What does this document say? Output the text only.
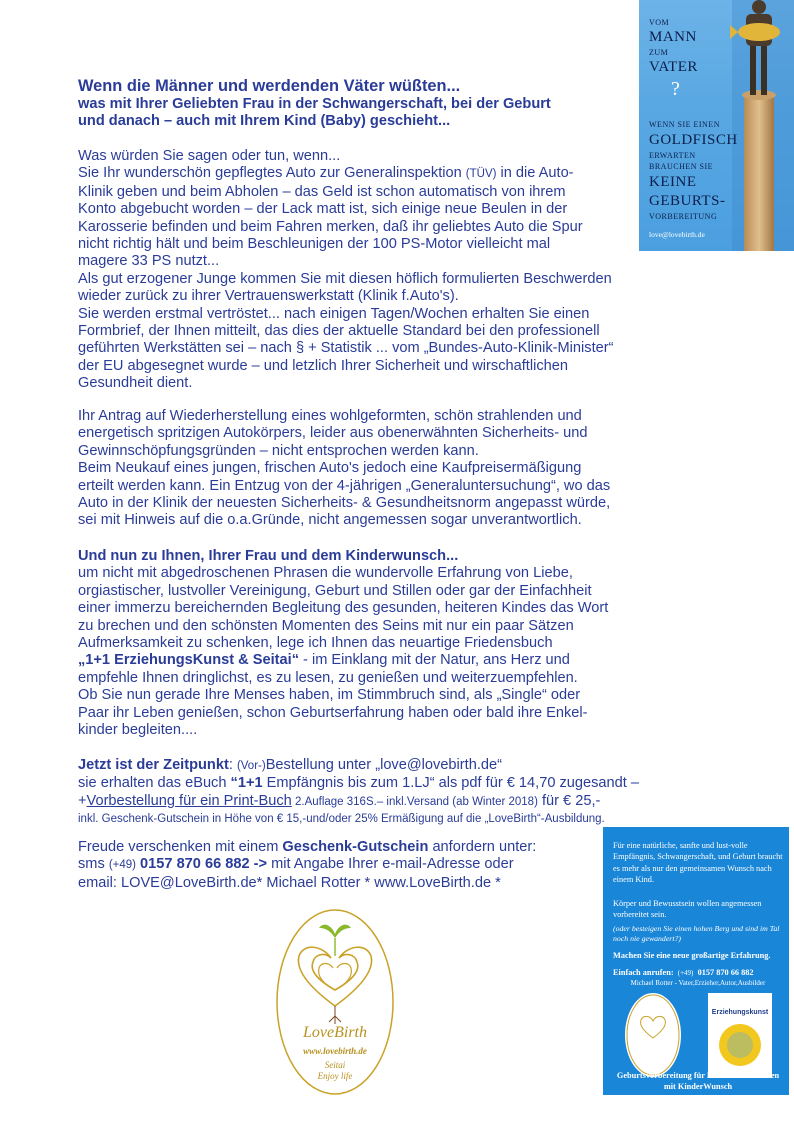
VOM
MANN
ZUM
VATER
?
WENN SIE EINEN
GOLDFISCH
ERWARTEN
BRAUCHEN SIE
KEINE
GEBURTS-
VORBEREITUNG
love@lovebirth.de

Wenn die Männer und werdenden Väter wüßten...

was mit Ihrer Geliebten Frau in der Schwangerschaft, bei der Geburt

und danach – auch mit Ihrem Kind (Baby) geschieht...

Was würden Sie sagen oder tun, wenn...

Sie Ihr wunderschön gepflegtes Auto zur Generalinspektion (TÜV) in die Auto-

Klinik geben und beim Abholen – das Geld ist schon automatisch von ihrem

Konto abgebucht worden – der Lack matt ist, sich einige neue Beulen in der

Karosserie befinden und beim Fahren merken, daß ihr geliebtes Auto die Spur

nicht richtig hält und beim Beschleunigen der 100 PS-Motor vielleicht mal

magere 33 PS nutzt...

Als gut erzogener Junge kommen Sie mit diesen höflich formulierten Beschwerden

wieder zurück zu ihrer Vertrauenswerkstatt (Klinik f.Auto's).

Sie werden erstmal vertröstet... nach einigen Tagen/Wochen erhalten Sie einen

Formbrief, der Ihnen mitteilt, das dies der aktuelle Standard bei den professionell

geführten Werkstätten sei – nach § + Statistik ... vom „Bundes-Auto-Klinik-Minister“

der EU abgesegnet wurde – und letzlich Ihrer Sicherheit und wirschaftlichen

Gesundheit dient.

Ihr Antrag auf Wiederherstellung eines wohlgeformten, schön strahlenden und

energetisch spritzigen Autokörpers, leider aus obenerwähnten Sicherheits- und

Gewinnschöpfungsgründen – nicht entsprochen werden kann.

Beim Neukauf eines jungen, frischen Auto's jedoch eine Kaufpreisermäßigung

erteilt werden kann. Ein Entzug von der 4-jährigen „Generaluntersuchung“, wo das

Auto in der Klinik der neuesten Sicherheits- & Gesundheitsnorm angepasst würde,

sei mit Hinweis auf die o.a.Gründe, nicht angemessen sogar unverantwortlich.

Und nun zu Ihnen, Ihrer Frau und dem Kinderwunsch...

um nicht mit abgedroschenen Phrasen die wundervolle Erfahrung von Liebe,

orgiastischer, lustvoller Vereinigung, Geburt und Stillen oder gar der Einfachheit

einer immerzu bereichernden Begleitung des gesunden, heiteren Kindes das Wort

zu brechen und den schönsten Momenten des Seins mit nur ein paar Sätzen

Aufmerksamkeit zu schenken, lege ich Ihnen das neuartige Friedensbuch

„1+1 ErziehungsKunst & Seitai“ - im Einklang mit der Natur, ans Herz und

empfehle Ihnen dringlichst, es zu lesen, zu genießen und weiterzuempfehlen.

Ob Sie nun gerade Ihre Menses haben, im Stimmbruch sind, als „Single“ oder

Paar ihr Leben genießen, schon Geburtserfahrung haben oder bald ihre Enkel-

kinder begleiten....

Jetzt ist der Zeitpunkt: (Vor-)Bestellung unter „love@lovebirth.de“

sie erhalten das eBuch “1+1 Empfängnis bis zum 1.LJ“ als pdf für € 14,70 zugesandt –

+Vorbestellung für ein Print-Buch 2.Auflage 316S.– inkl.Versand (ab Winter 2018) für € 25,-

inkl. Geschenk-Gutschein in Höhe von € 15,-und/oder 25% Ermäßigung auf die „LoveBirth“-Ausbildung.

Freude verschenken mit einem Geschenk-Gutschein anfordern unter:

sms (+49) 0157 870 66 882 -> mit Angabe Ihrer e-mail-Adresse oder

email: LOVE@LoveBirth.de* Michael Rotter * www.LoveBirth.de *

LoveBirth
www.lovebirth.de
Seitai
Enjoy life
Für eine natürliche, sanfte und lust-volle Empfängnis, Schwangerschaft, und Geburt braucht es mehr als nur den gemeinsamen Wunsch nach einem Kind.
Körper und Bewusstsein wollen angemessen vorbereitet sein.
(oder besteigen Sie einen hohen Berg und sind im Tal noch nie gewandert?)
Machen Sie eine neue großartige Erfahrung.
Einfach anrufen: (+49) 0157 870 66 882
Michael Rotter - Vater,Erzieher,Autor,Ausbilder
Erziehungskunst
Geburtsvorbereitung für Männer und Frauen mit KinderWunsch
